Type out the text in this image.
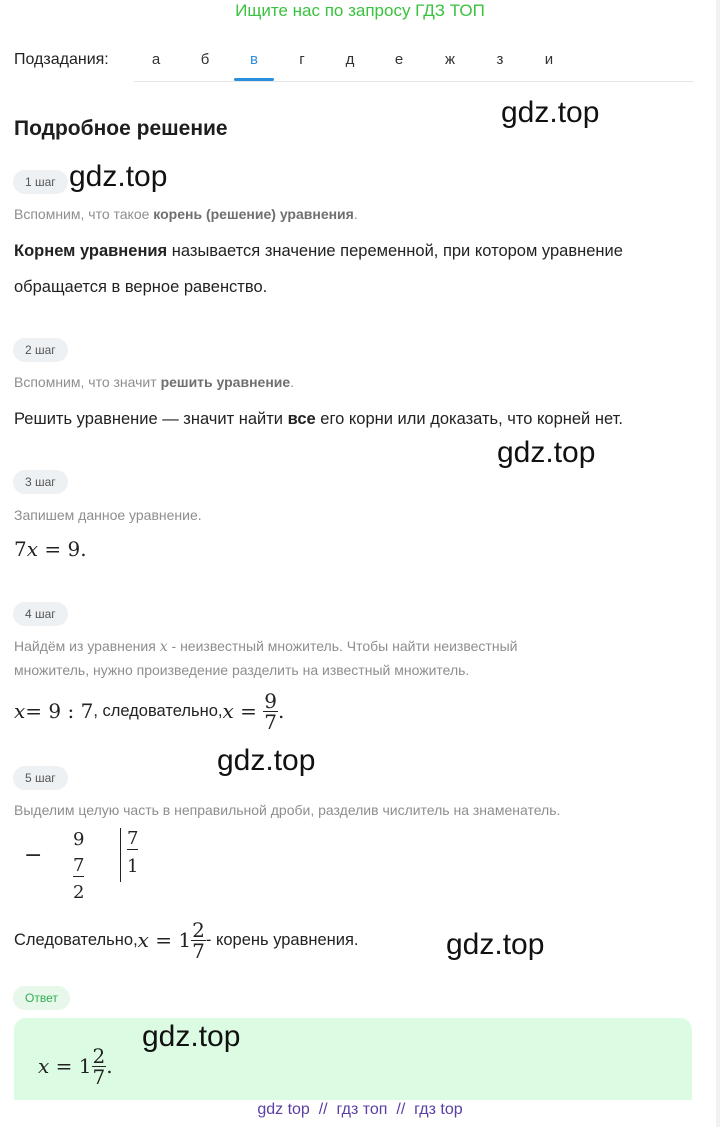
Ищите нас по запросу ГДЗ ТОП
Подзадания:	а	б	в	г	д	е	ж	з	и
Подробное решение	gdz.top
gdz.top
gdz.top
gdz.top
gdz.top
gdz.top
1 шаг
Вспомним, что такое корень (решение) уравнения.
Корнем уравнения называется значение переменной, при котором уравнение
обращается в верное равенство.
2 шаг
Вспомним, что значит решить уравнение.
Решить уравнение — значит найти все его корни или доказать, что корней нет.
3 шаг
Запишем данное уравнение.
7x = 9.
4 шаг
Найдём из уравнения x - неизвестный множитель. Чтобы найти неизвестный
множитель, нужно произведение разделить на известный множитель.
x = 9 : 7 , следовательно, $x = \frac{9}{7}$ .
5 шаг
Выделим целую часть в неправильной дроби, разделив числитель на знаменатель.
−
9
7
2
7
1
Следовательно, $x = 1 \frac{2}{7}$ - корень уравнения.
Ответ
$x = 1 \frac{2}{7}$ .
gdz top // гдз топ // гдз top
